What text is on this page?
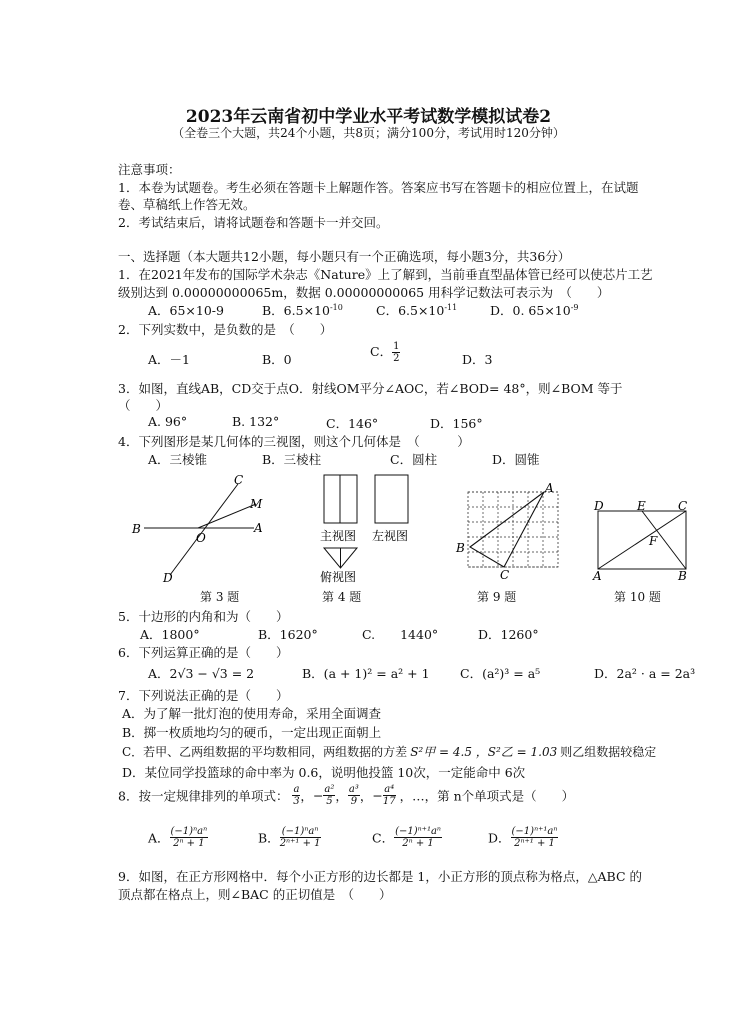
2023年云南省初中学业水平考试数学模拟试卷2
（全卷三个大题，共24个小题，共8页；满分100分，考试用时120分钟）
注意事项：
1．本卷为试题卷。考生必须在答题卡上解题作答。答案应书写在答题卡的相应位置上，在试题
卷、草稿纸上作答无效。
2．考试结束后，请将试题卷和答题卡一并交回。
一、选择题（本大题共12小题，每小题只有一个正确选项，每小题3分，共36分）
1．在2021年发布的国际学术杂志《Nature》上了解到，当前垂直型晶体管已经可以使芯片工艺
级别达到 0.00000000065m，数据 0.00000000065 用科学记数法可表示为　（　　）
A．65×10-9	B．$6.5\times 10^{-10}$	C．$6.5\times 10^{-11}$	D．0. $65\times 10^{-9}$
2．下列实数中，是负数的是　（　　）
A．－1	B．0
C． $\frac{1}{2}$	D．3
3．如图，直线AB，CD交于点O．射线OM平分∠AOC，若∠BOD= 48°，则∠BOM 等于
（　　）
A. 96°	B. 132°	C．146°	D．156°
4．下列图形是某几何体的三视图，则这个几何体是　（　　　）
A．三棱锥	B．三棱柱	C．圆柱	D．圆锥
C
M
B
O
A
D
主视图 左视图
俯视图
A
B
C
D	E	C
F
A	B
第 3 题	第 4 题	第 9 题	第 10 题
5．十边形的内角和为（　　）
A．1800°	B．1620°	C.　　1440°	D．1260°
6．下列运算正确的是（　　）
A．2√3 − √3 = 2	B．(a + 1)² = a² + 1 C．(a²)³ = a⁵	D．2a² · a = 2a³
7．下列说法正确的是（　　）
A．为了解一批灯泡的使用寿命，采用全面调查
B．掷一枚质地均匀的硬币，一定出现正面朝上
C．若甲、乙两组数据的平均数相同，两组数据的方差 S²甲 = 4.5 ，S²乙 = 1.03 则乙组数据较稳定
D．某位同学投篮球的命中率为 0.6，说明他投篮 10次，一定能命中 6次
8．按一定规律排列的单项式： $\frac{a}{3}$ ，− $\frac{\text{a²}}{5}$ ， $\frac{\text{a³}}{9}$ ，− $\frac{\text{a⁴}}{17}$ ，…，第 n个单项式是（　　）
A． (−1)ⁿaⁿ
2ⁿ + 1	B． (−1)ⁿaⁿ
2ⁿ⁺¹ + 1	C． $\frac{\text{(−1)ⁿ⁺¹aⁿ}}{\text{2ⁿ + 1}}$	D． $\frac{\text{(−1)ⁿ⁺¹aⁿ}}{\text{2ⁿ⁺¹ + 1}}$
9．如图，在正方形网格中．每个小正方形的边长都是 1，小正方形的顶点称为格点，△ABC 的
顶点都在格点上，则∠BAC 的正切值是　（　　）
